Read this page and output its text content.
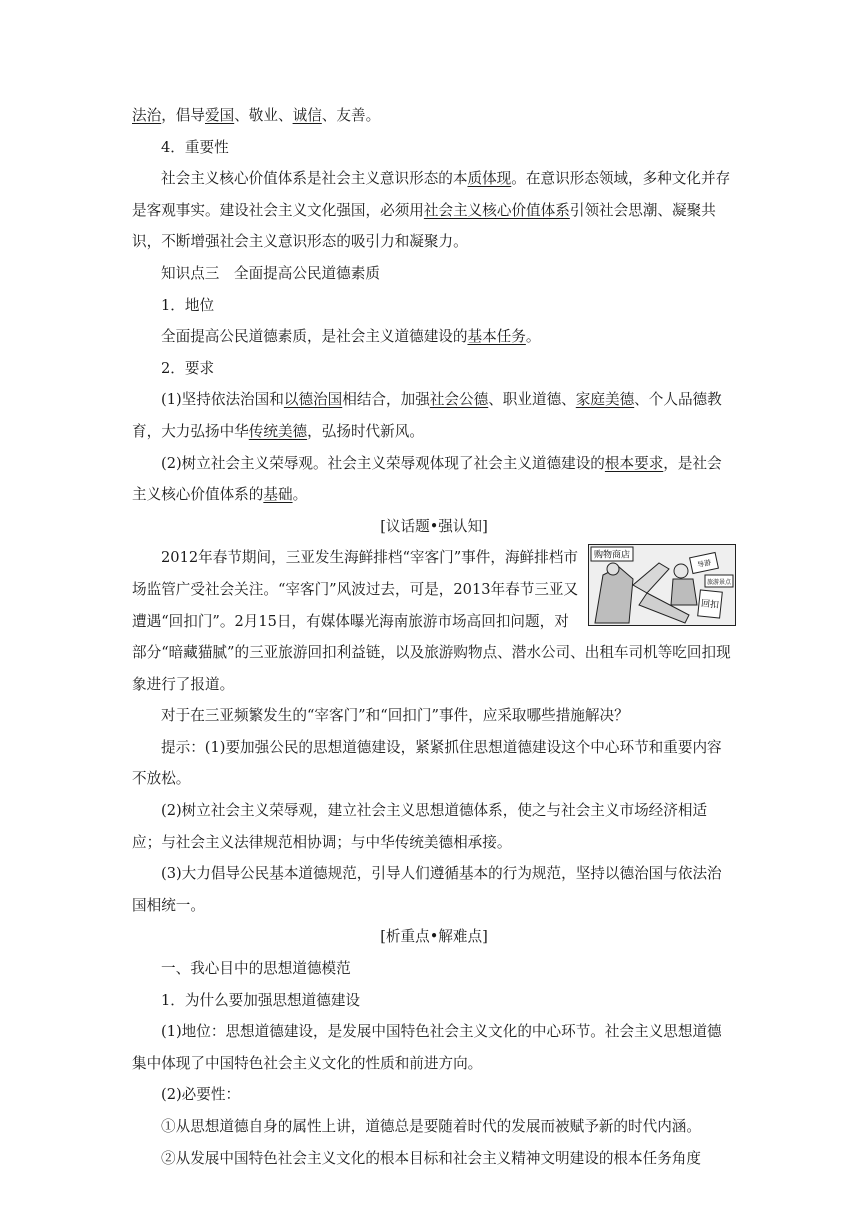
法治，倡导爱国、敬业、诚信、友善。

4．重要性

社会主义核心价值体系是社会主义意识形态的本质体现。在意识形态领域，多种文化并存是客观事实。建设社会主义文化强国，必须用社会主义核心价值体系引领社会思潮、凝聚共识，不断增强社会主义意识形态的吸引力和凝聚力。

知识点三　全面提高公民道德素质

1．地位

全面提高公民道德素质，是社会主义道德建设的基本任务。

2．要求

(1)坚持依法治国和以德治国相结合，加强社会公德、职业道德、家庭美德、个人品德教育，大力弘扬中华传统美德，弘扬时代新风。

(2)树立社会主义荣辱观。社会主义荣辱观体现了社会主义道德建设的根本要求，是社会主义核心价值体系的基础。

[议话题•强认知]

购物商店
导游
旅游景点
回扣

2012年春节期间，三亚发生海鲜排档“宰客门”事件，海鲜排档市场监管广受社会关注。“宰客门”风波过去，可是，2013年春节三亚又遭遇“回扣门”。2月15日，有媒体曝光海南旅游市场高回扣问题，对部分“暗藏猫腻”的三亚旅游回扣利益链，以及旅游购物点、潜水公司、出租车司机等吃回扣现象进行了报道。

对于在三亚频繁发生的“宰客门”和“回扣门”事件，应采取哪些措施解决？

提示：(1)要加强公民的思想道德建设，紧紧抓住思想道德建设这个中心环节和重要内容不放松。

(2)树立社会主义荣辱观，建立社会主义思想道德体系，使之与社会主义市场经济相适应；与社会主义法律规范相协调；与中华传统美德相承接。

(3)大力倡导公民基本道德规范，引导人们遵循基本的行为规范，坚持以德治国与依法治国相统一。

[析重点•解难点]

一、我心目中的思想道德模范

1．为什么要加强思想道德建设

(1)地位：思想道德建设，是发展中国特色社会主义文化的中心环节。社会主义思想道德集中体现了中国特色社会主义文化的性质和前进方向。

(2)必要性：

①从思想道德自身的属性上讲，道德总是要随着时代的发展而被赋予新的时代内涵。

②从发展中国特色社会主义文化的根本目标和社会主义精神文明建设的根本任务角度
